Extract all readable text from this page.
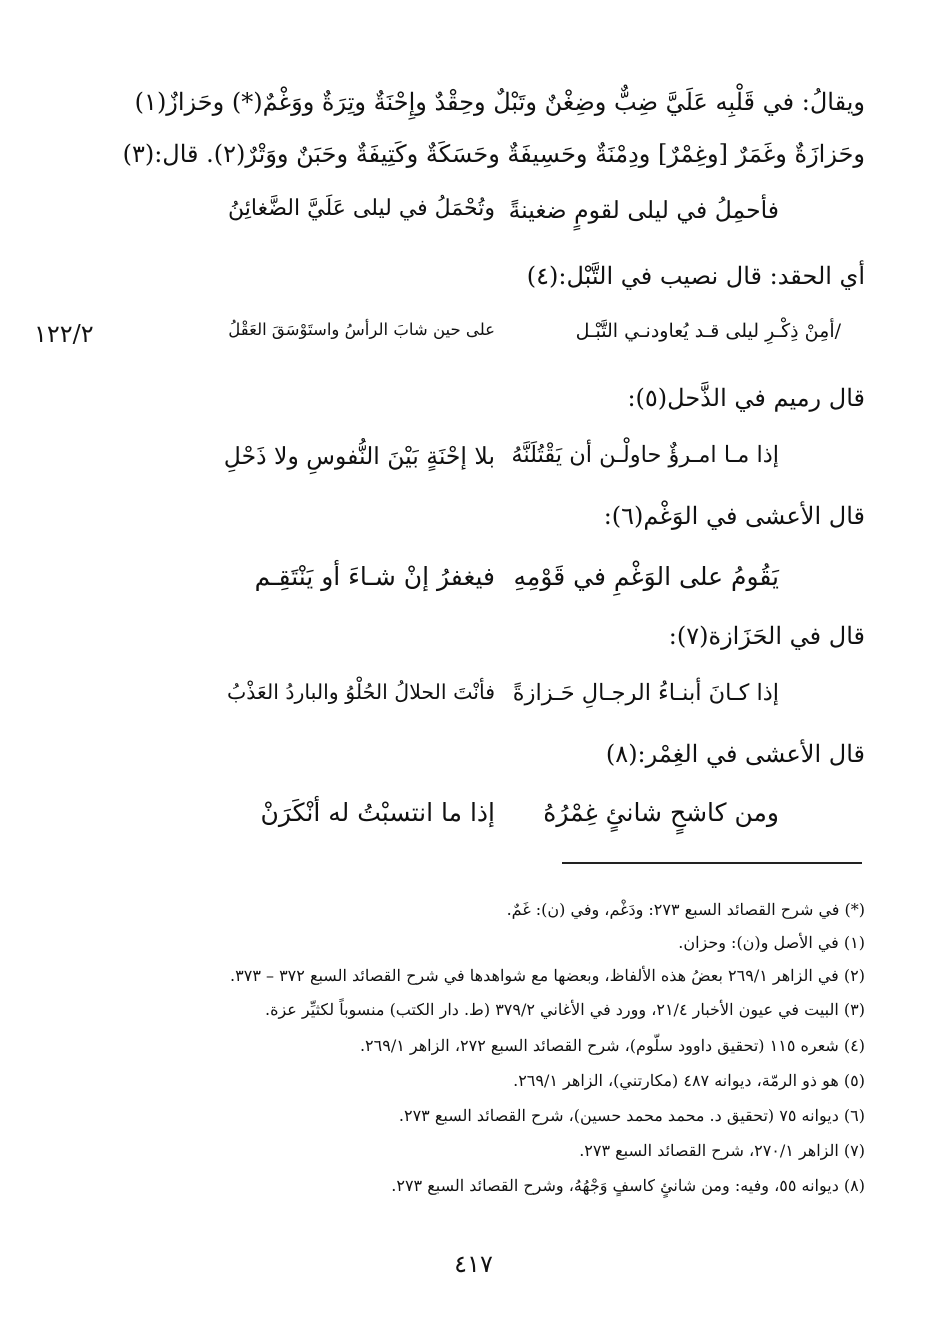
ويقالُ: في قَلْبِه عَلَيَّ ضِبٌّ وضِغْنٌ وتَبْلٌ وحِقْدٌ وإِحْنَةٌ وتِرَةٌ ووَغْمٌ(*) وحَزازٌ(١)
وحَزازَةٌ وغَمَرٌ [وغِمْرٌ] ودِمْنَةٌ وحَسِيفَةٌ وحَسَكَةٌ وكَتِيفَةٌ وحَبَنٌ ووَتْرٌ(٢). قال:(٣)
فأحمِلُ في ليلى لقومٍ ضغينةً
وتُحْمَلُ في ليلى عَلَيَّ الضَّغائِنُ
أي الحقد: قال نصيب في التَّبْل:(٤)
/أمِنْ ذِكْـرِ ليلى قـد يُعاودنـي التَّبْـل
على حين شابَ الرأسُ واستَوْسَقَ العَقْلُ
١٢٢/٢
قال رميم في الذَّحل(٥):
إذا مـا امـرؤٌ حاولْـن أن يَقْتُلَنَّهُ
بلا إحْنَةٍ بَيْنَ النُّفوسِ ولا ذَحْلِ
قال الأعشى في الوَغْم(٦):
يَقُومُ على الوَغْمِ في قَوْمِهِ
فيغفرُ إنْ شـاءَ أو يَنْتَقِـم
قال في الحَزَازة(٧):
إذا كـانَ أبنـاءُ الرجـالِ حَـزازةً
فأنْتَ الحلالُ الحُلْوُ والباردُ العَذْبُ
قال الأعشى في الغِمْر:(٨)
ومن كاشحٍ شانئٍ غِمْرُهُ
إذا ما انتسبْتُ له أنْكَرَنْ
(*) في شرح القصائد السبع ٢٧٣: ودَغْم، وفي (ن): غَمٌ.
(١) في الأصل و(ن): وحزان.
(٢) في الزاهر ٢٦٩/١ بعضُ هذه الألفاظ، وبعضها مع شواهدها في شرح القصائد السبع ٣٧٢ – ٣٧٣.
(٣) البيت في عيون الأخبار ٢١/٤، وورد في الأغاني ٣٧٩/٢ (ط. دار الكتب) منسوباً لكثيِّر عزة.
(٤) شعره ١١٥ (تحقيق داوود سلّوم)، شرح القصائد السبع ٢٧٢، الزاهر ٢٦٩/١.
(٥) هو ذو الرمّة، ديوانه ٤٨٧ (مكارتني)، الزاهر ٢٦٩/١.
(٦) ديوانه ٧٥ (تحقيق د. محمد محمد حسين)، شرح القصائد السبع ٢٧٣.
(٧) الزاهر ٢٧٠/١، شرح القصائد السبع ٢٧٣.
(٨) ديوانه ٥٥، وفيه: ومن شانئٍ كاسفٍ وَجْهُهُ، وشرح القصائد السبع ٢٧٣.
٤١٧
